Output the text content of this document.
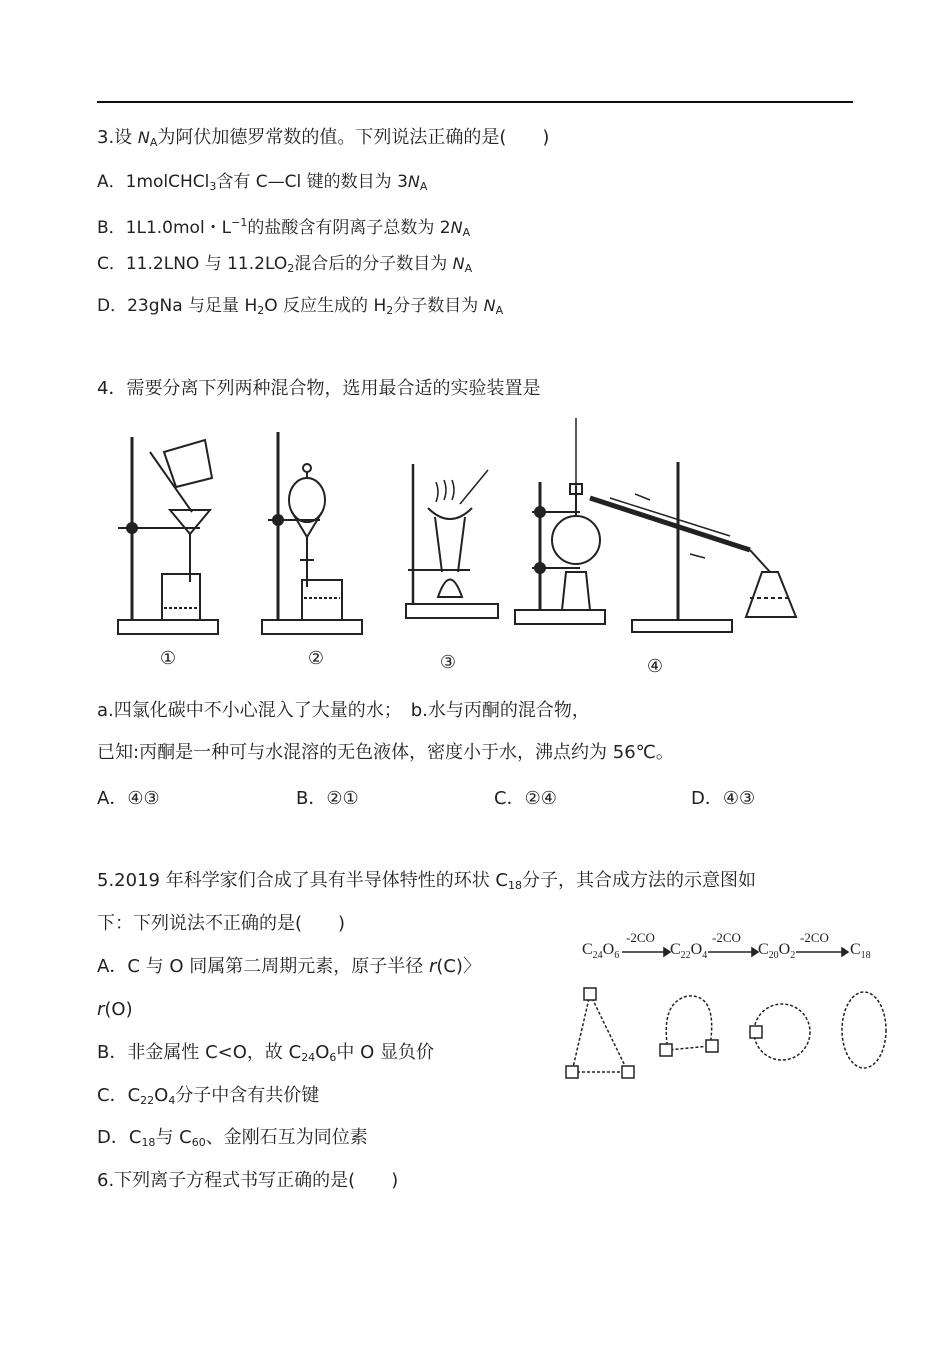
3.设 $N_A$为阿伏加德罗常数的值。下列说法正确的是(　　)
A．1molCHCl$_3$含有 C—Cl 键的数目为 $3N_A$
B．1L1.0mol・$L^{-1}$的盐酸含有阴离子总数为 $2N_A$
C．11.2LNO 与 $11.2LO_2$混合后的分子数目为 $N_A$
D．23gNa 与足量 $H_2O$ 反应生成的 $H_2$分子数目为 $N_A$
4．需要分离下列两种混合物，选用最合适的实验装置是
①	②	③	④
a.四氯化碳中不小心混入了大量的水；　b.水与丙酮的混合物，
已知:丙酮是一种可与水混溶的无色液体，密度小于水，沸点约为 56℃。
A．④③	B．②①	C．②④	D．④③
5.2019 年科学家们合成了具有半导体特性的环状 $C_{18}$分子，其合成方法的示意图如
下：下列说法不正确的是(　　)
A．C 与 O 同属第二周期元素，原子半径 r(C)〉
r(O)
B．非金属性 C<O，故 $C_{24}O_6$中 O 显负价
C．$C_{22}O_4$分子中含有共价键
D．$C_{18}$与 $C_{60}$、金刚石互为同位素
$C_{24}O_6$	$C_{22}O_4$	$C_{20}O_2$	$C_{18}$
-2CO	-2CO	-2CO
6.下列离子方程式书写正确的是(　　)
